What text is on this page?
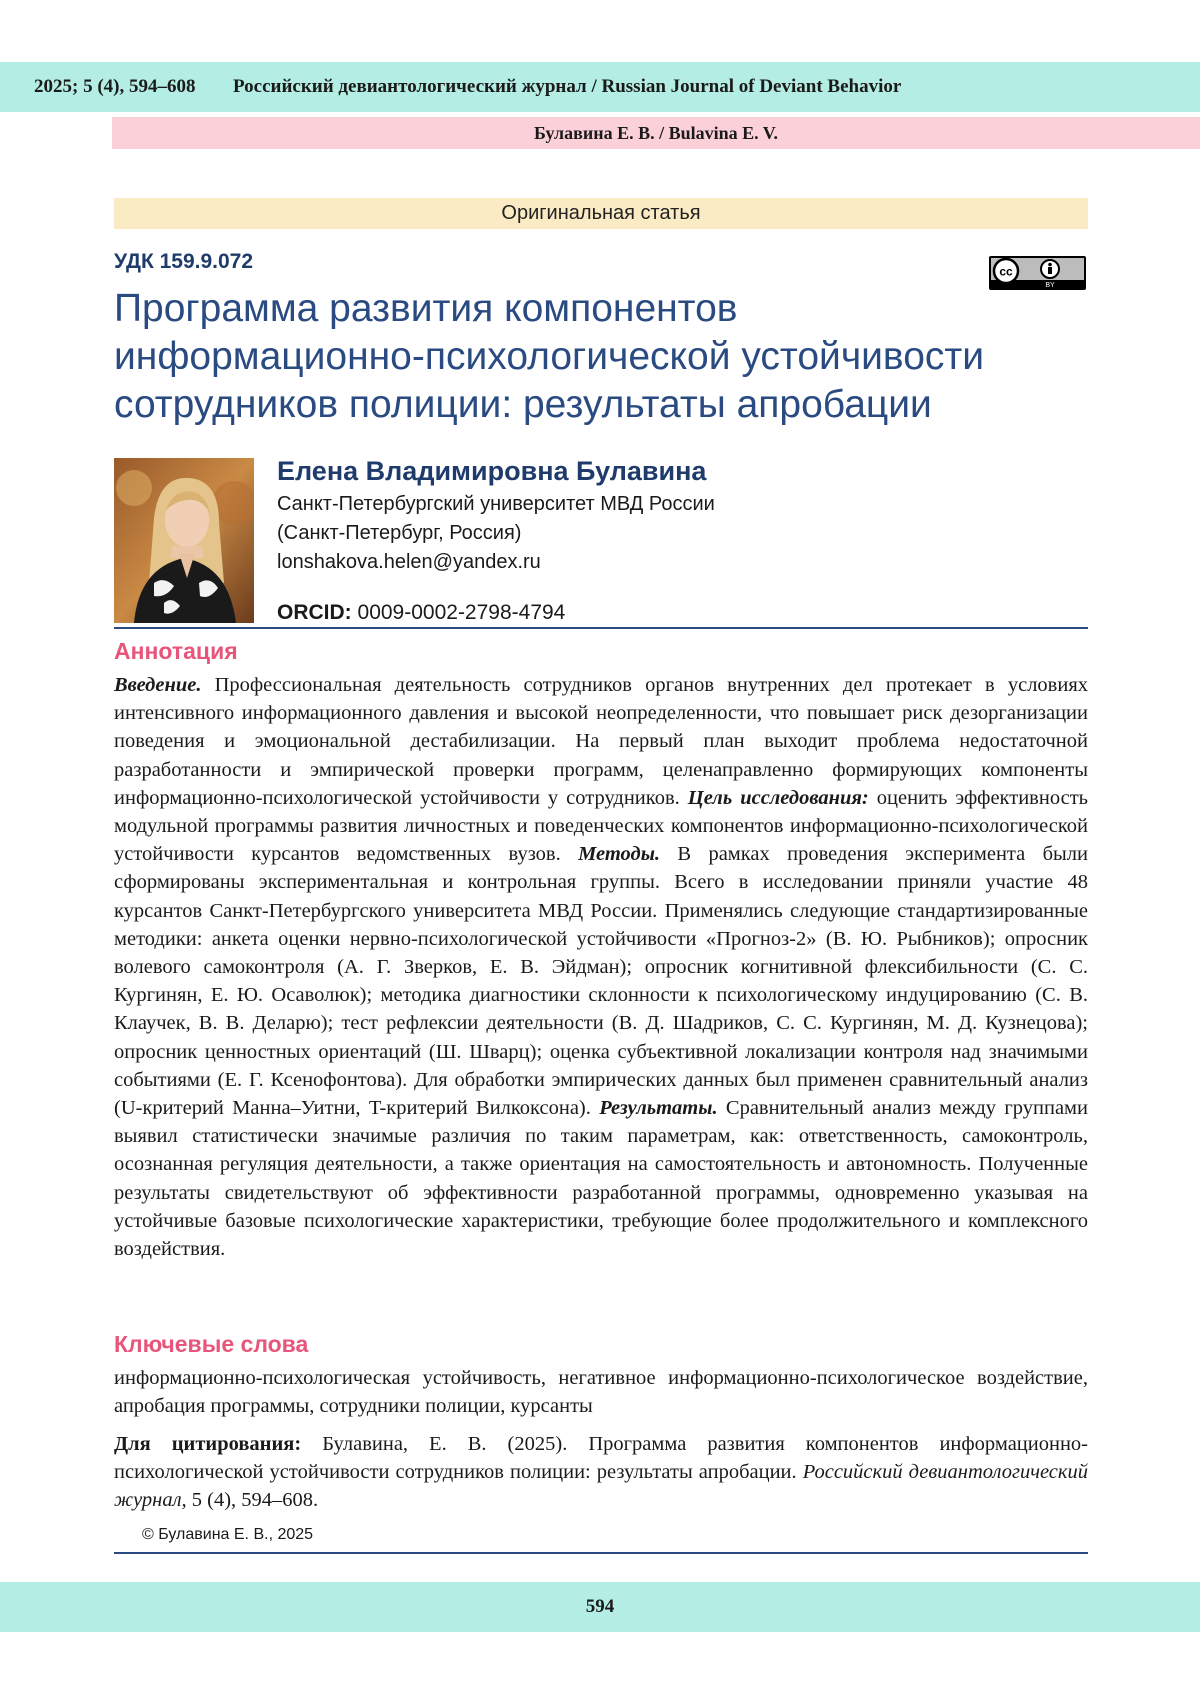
2025; 5 (4), 594–608 Российский девиантологический журнал / Russian Journal of Deviant Behavior
Булавина Е. В. / Bulavina E. V.
Оригинальная статья
УДК 159.9.072	cc
BY
Программа развития компонентов
информационно-психологической устойчивости
сотрудников полиции: результаты апробации
Елена Владимировна Булавина
Санкт-Петербургский университет МВД России
(Санкт-Петербург, Россия)
lonshakova.helen@yandex.ru
ORCID: 0009-0002-2798-4794
Аннотация
Введение. Профессиональная деятельность сотрудников органов внутренних дел протекает в условиях интенсивного информационного давления и высокой неопределенности, что повышает риск дезорганизации поведения и эмоциональной дестабилизации. На первый план выходит проблема недостаточной разработанности и эмпирической проверки программ, целенаправленно формирующих компоненты информационно-психологической устойчивости у сотрудников. Цель исследования: оценить эффективность модульной программы развития личностных и поведенческих компонентов информационно-психологической устойчивости курсантов ведомственных вузов. Методы. В рамках проведения эксперимента были сформированы экспериментальная и контрольная группы. Всего в исследовании приняли участие 48 курсантов Санкт-Петербургского университета МВД России. Применялись следующие стандартизированные методики: анкета оценки нервно-психологической устойчивости «Прогноз-2» (В. Ю. Рыбников); опросник волевого самоконтроля (А. Г. Зверков, Е. В. Эйдман); опросник когнитивной флексибильности (С. С. Кургинян, Е. Ю. Осаволюк); методика диагностики склонности к психологическому индуцированию (С. В. Клаучек, В. В. Деларю); тест рефлексии деятельности (В. Д. Шадриков, С. С. Кургинян, М. Д. Кузнецова); опросник ценностных ориентаций (Ш. Шварц); оценка субъективной локализации контроля над значимыми событиями (Е. Г. Ксенофонтова). Для обработки эмпирических данных был применен сравнительный анализ (U-критерий Манна–Уитни, T-критерий Вилкоксона). Результаты. Сравнительный анализ между группами выявил статистически значимые различия по таким параметрам, как: ответственность, самоконтроль, осознанная регуляция деятельности, а также ориентация на самостоятельность и автономность. Полученные результаты свидетельствуют об эффективности разработанной программы, одновременно указывая на устойчивые базовые психологические характеристики, требующие более продолжительного и комплексного воздействия.
Ключевые слова
информационно-психологическая устойчивость, негативное информационно-психологическое воздействие, апробация программы, сотрудники полиции, курсанты
Для цитирования: Булавина, Е. В. (2025). Программа развития компонентов информационно-психологической устойчивости сотрудников полиции: результаты апробации. Российский девиантологический журнал, 5 (4), 594–608.
© Булавина Е. В., 2025
594
